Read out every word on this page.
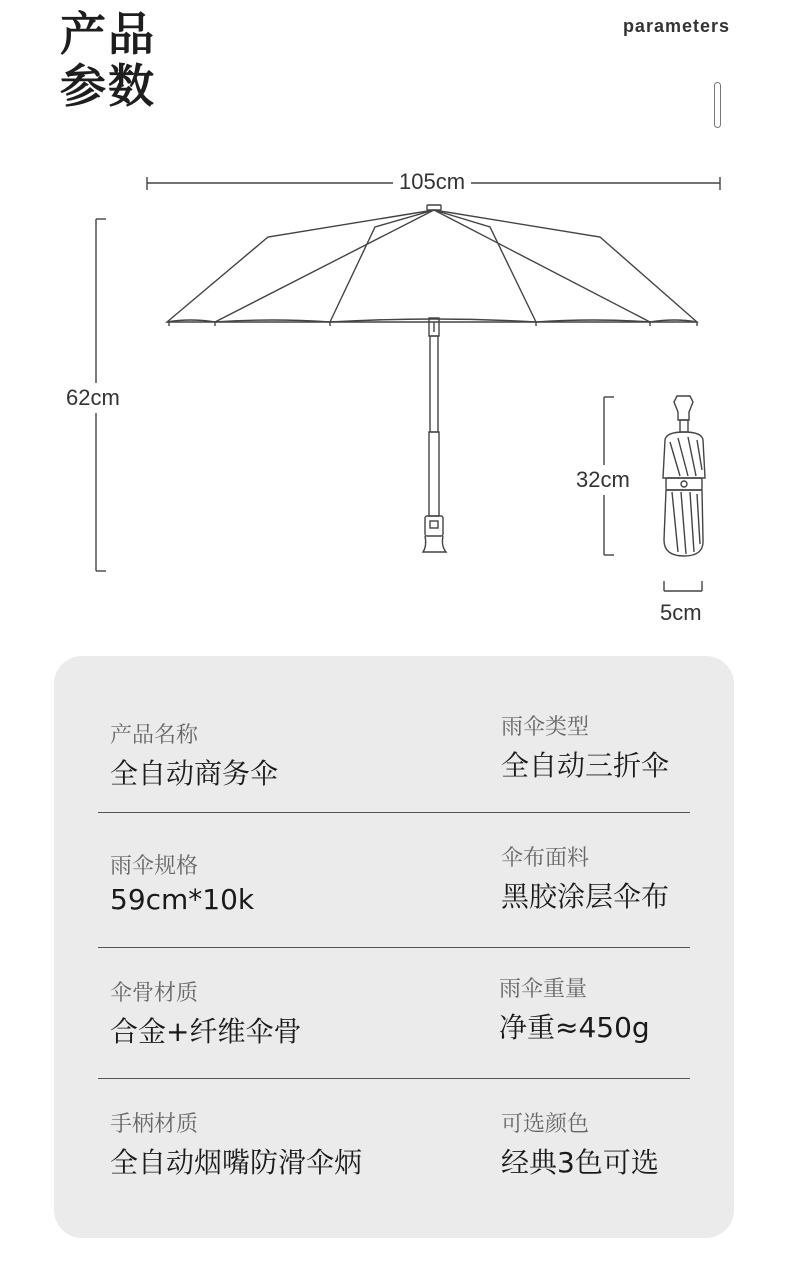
产品
参数
parameters
105cm
62cm
32cm
5cm
产品名称
全自动商务伞
雨伞类型
全自动三折伞
雨伞规格
59cm*10k
伞布面料
黑胶涂层伞布
伞骨材质
合金+纤维伞骨
雨伞重量
净重≈450g
手柄材质
全自动烟嘴防滑伞炳
可选颜色
经典3色可选
